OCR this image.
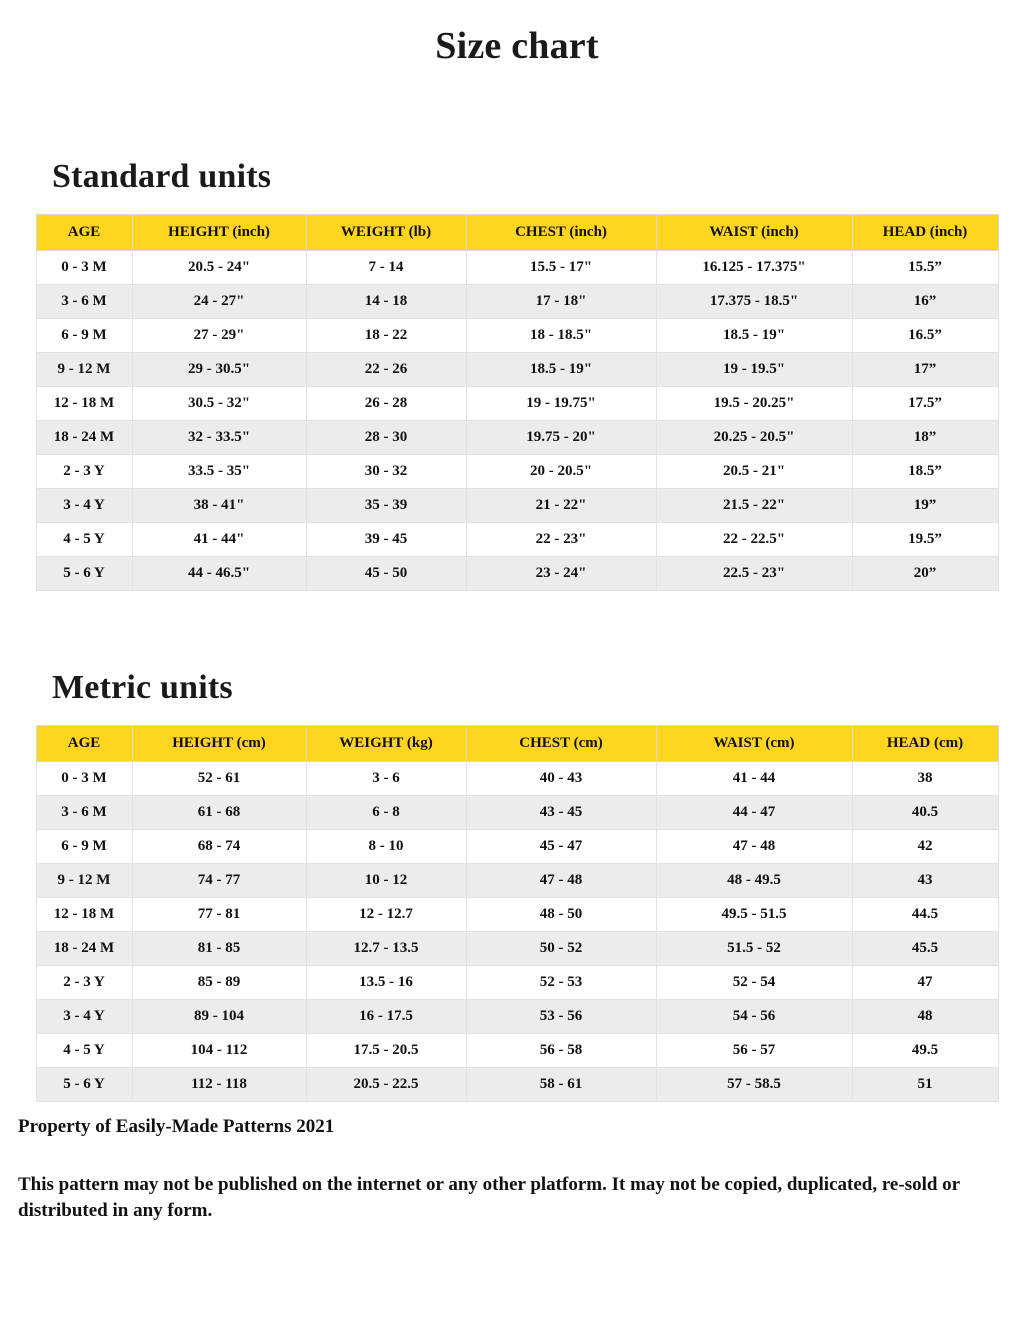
Size chart
Standard units
AGE	HEIGHT (inch)	WEIGHT (lb)	CHEST (inch)	WAIST (inch)	HEAD (inch)
0 - 3 M	20.5 - 24"	7 - 14	15.5 - 17"	16.125 - 17.375"	15.5”
3 - 6 M	24 - 27"	14 - 18	17 - 18"	17.375 - 18.5"	16”
6 - 9 M	27 - 29"	18 - 22	18 - 18.5"	18.5 - 19"	16.5”
9 - 12 M	29 - 30.5"	22 - 26	18.5 - 19"	19 - 19.5"	17”
12 - 18 M	30.5 - 32"	26 - 28	19 - 19.75"	19.5 - 20.25"	17.5”
18 - 24 M	32 - 33.5"	28 - 30	19.75 - 20"	20.25 - 20.5"	18”
2 - 3 Y	33.5 - 35"	30 - 32	20 - 20.5"	20.5 - 21"	18.5”
3 - 4 Y	38 - 41"	35 - 39	21 - 22"	21.5 - 22"	19”
4 - 5 Y	41 - 44"	39 - 45	22 - 23"	22 - 22.5"	19.5”
5 - 6 Y	44 - 46.5"	45 - 50	23 - 24"	22.5 - 23"	20”
Metric units
AGE	HEIGHT (cm)	WEIGHT (kg)	CHEST (cm)	WAIST (cm)	HEAD (cm)
0 - 3 M	52 - 61	3 - 6	40 - 43	41 - 44	38
3 - 6 M	61 - 68	6 - 8	43 - 45	44 - 47	40.5
6 - 9 M	68 - 74	8 - 10	45 - 47	47 - 48	42
9 - 12 M	74 - 77	10 - 12	47 - 48	48 - 49.5	43
12 - 18 M	77 - 81	12 - 12.7	48 - 50	49.5 - 51.5	44.5
18 - 24 M	81 - 85	12.7 - 13.5	50 - 52	51.5 - 52	45.5
2 - 3 Y	85 - 89	13.5 - 16	52 - 53	52 - 54	47
3 - 4 Y	89 - 104	16 - 17.5	53 - 56	54 - 56	48
4 - 5 Y	104 - 112	17.5 - 20.5	56 - 58	56 - 57	49.5
5 - 6 Y	112 - 118	20.5 - 22.5	58 - 61	57 - 58.5	51

Property of Easily-Made Patterns 2021

This pattern may not be published on the internet or any other platform. It may not be copied, duplicated, re-sold or distributed in any form.
